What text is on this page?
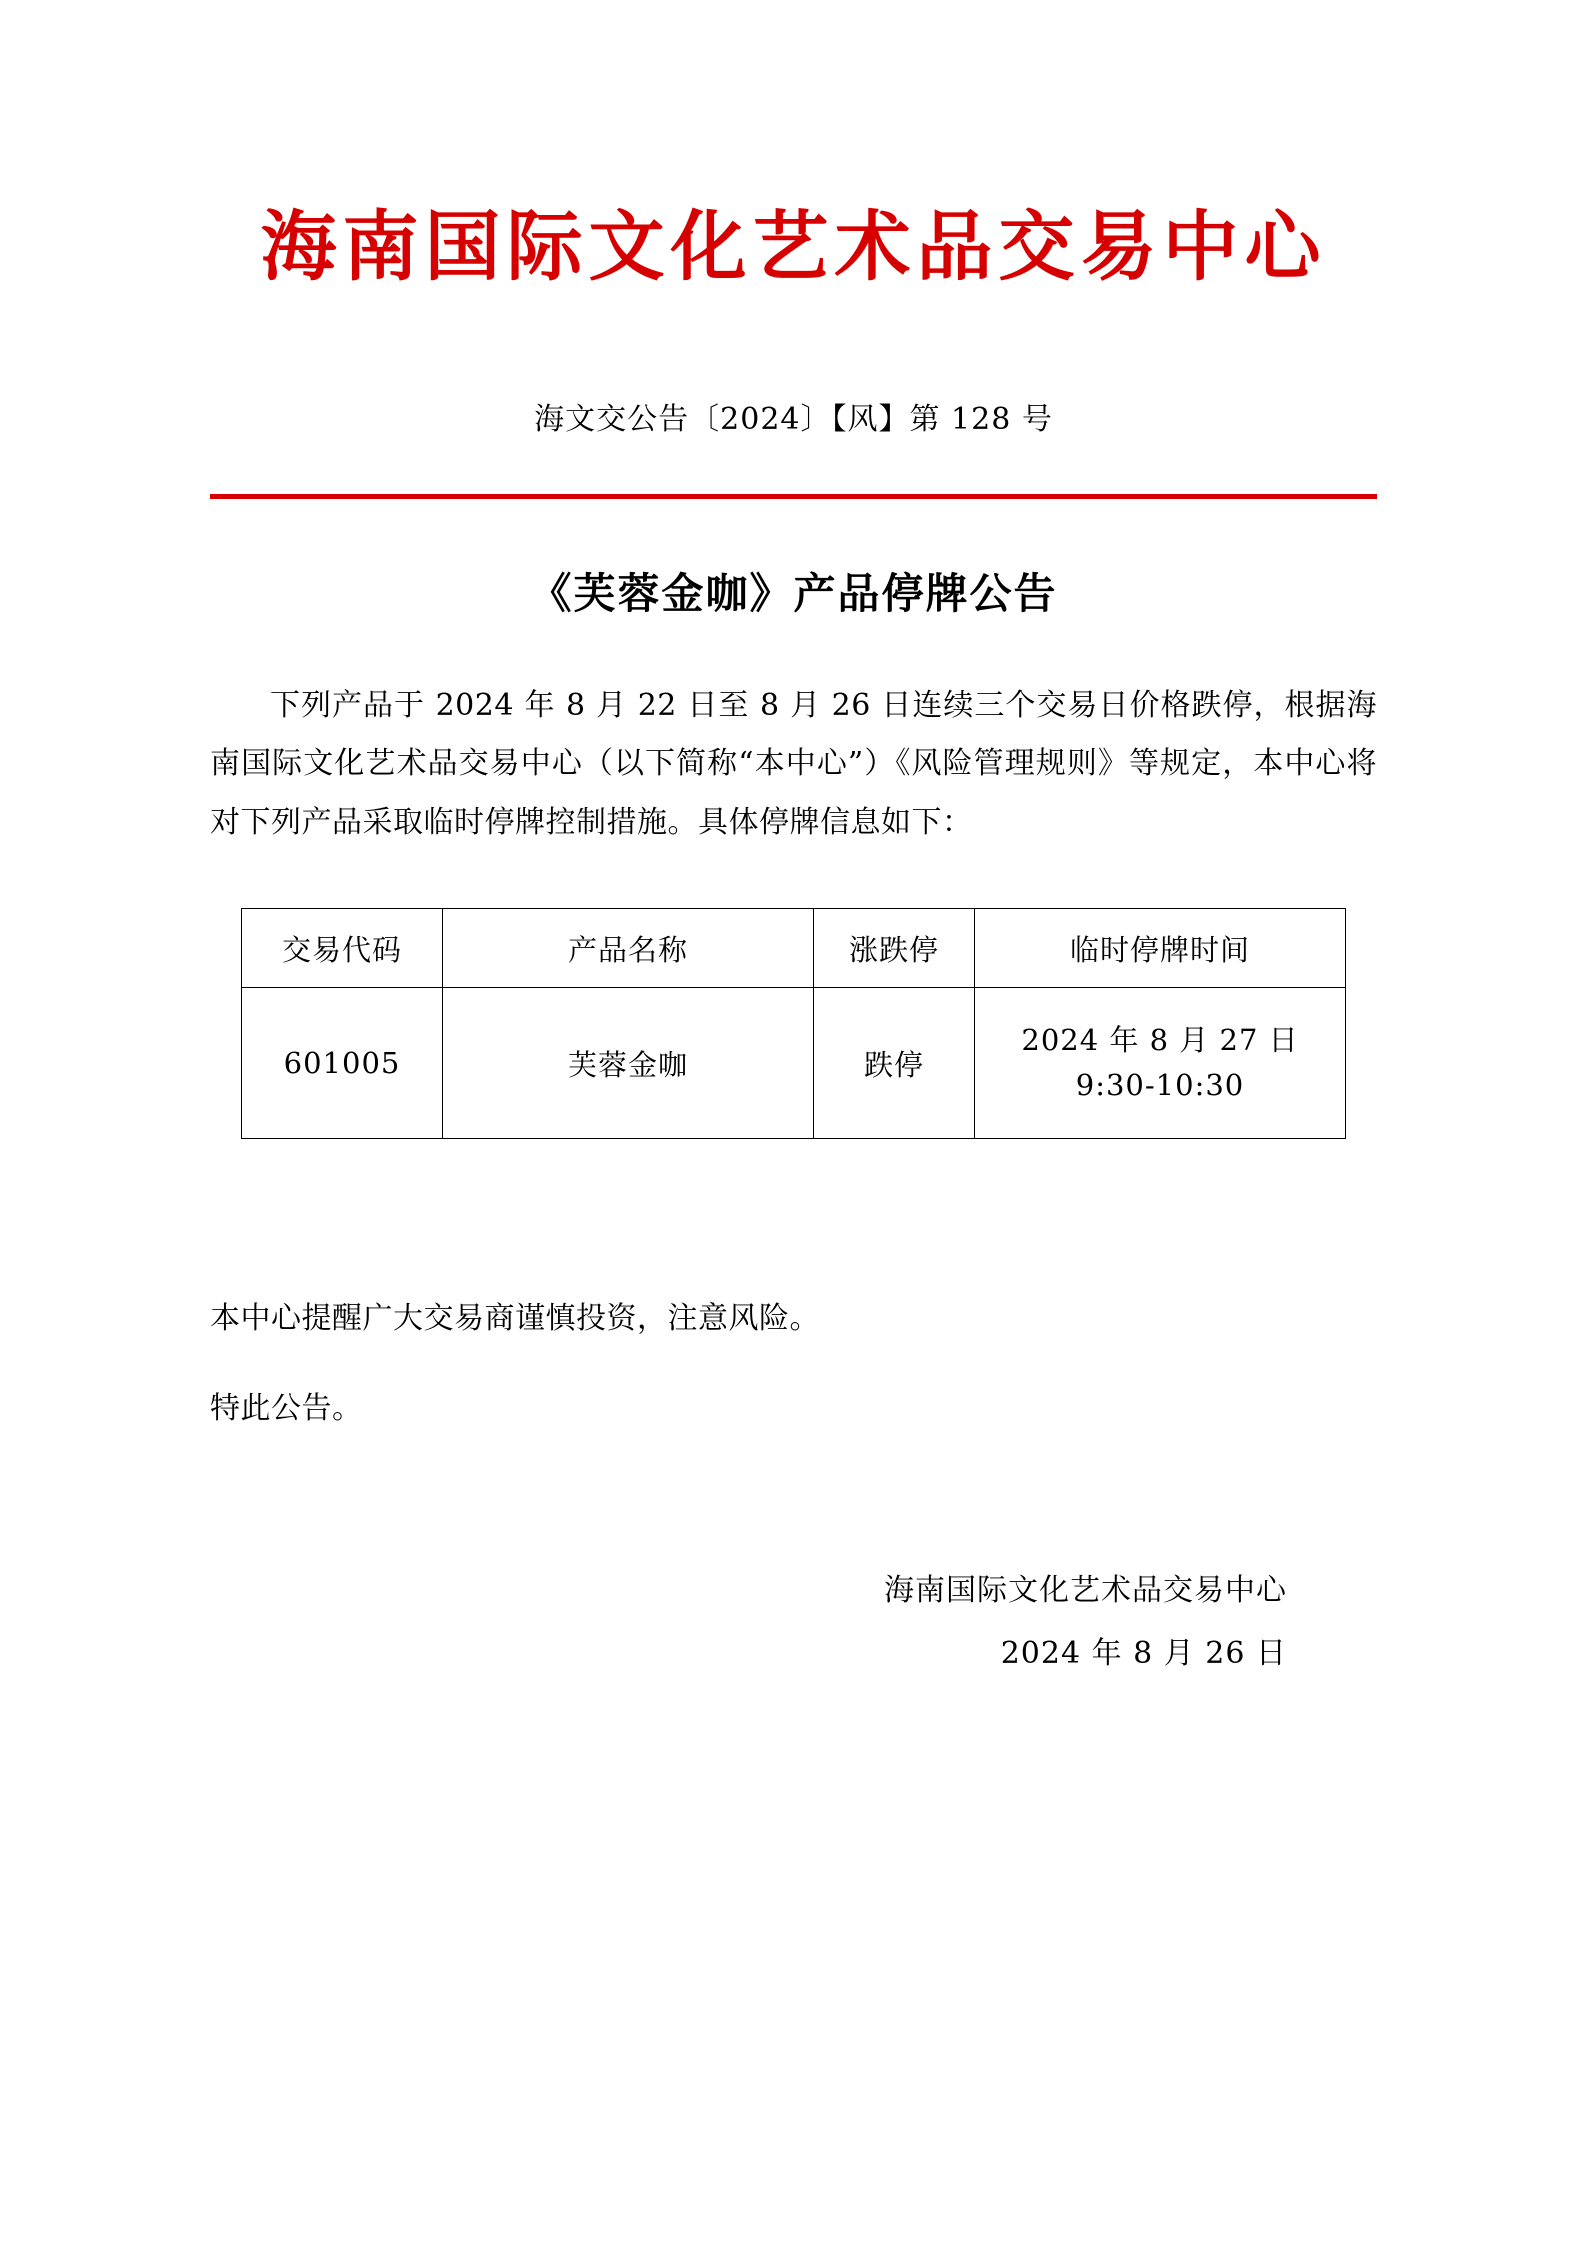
海南国际文化艺术品交易中心
海文交公告〔2024〕【风】第 128 号
《芙蓉金咖》产品停牌公告

下列产品于 2024 年 8 月 22 日至 8 月 26 日连续三个交易日价格跌停，根据海南国际文化艺术品交易中心（以下简称“本中心”）《风险管理规则》等规定，本中心将对下列产品采取临时停牌控制措施。具体停牌信息如下：

交易代码	产品名称	涨跌停	临时停牌时间
601005	芙蓉金咖	跌停	2024 年 8 月 27 日
9:30-10:30

本中心提醒广大交易商谨慎投资，注意风险。

特此公告。

海南国际文化艺术品交易中心
2024 年 8 月 26 日
